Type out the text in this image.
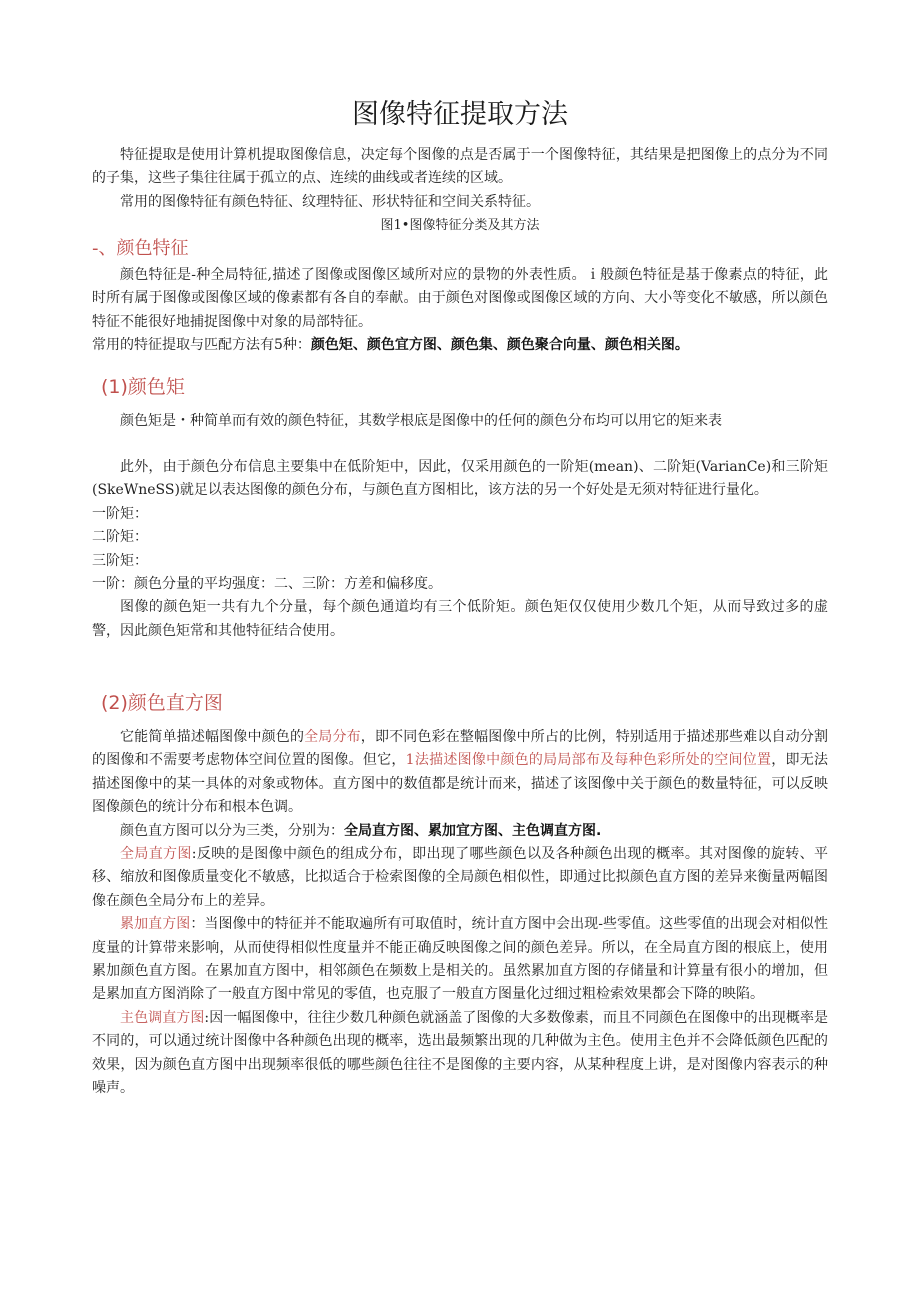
图像特征提取方法

特征提取是使用计算机提取图像信息，决定每个图像的点是否属于一个图像特征，其结果是把图像上的点分为不同的子集，这些子集往往属于孤立的点、连续的曲线或者连续的区域。

常用的图像特征有颜色特征、纹理特征、形状特征和空间关系特征。

图1•图像特征分类及其方法

-、颜色特征

颜色特征是-种全局特征,描述了图像或图像区域所对应的景物的外表性质。ｉ般颜色特征是基于像素点的特征，此时所有属于图像或图像区域的像素都有各自的奉献。由于颜色对图像或图像区域的方向、大小等变化不敏感，所以颜色特征不能很好地捕捉图像中对象的局部特征。

常用的特征提取与匹配方法有5种：颜色矩、颜色宜方图、颜色集、颜色聚合向量、颜色相关图。

(1)颜色矩

颜色矩是・种简单而有效的颜色特征，其数学根底是图像中的任何的颜色分布均可以用它的矩来表

此外，由于颜色分布信息主要集中在低阶矩中，因此，仅采用颜色的一阶矩(mean)、二阶矩(VarianCe)和三阶矩(SkeWneSS)就足以表达图像的颜色分布，与颜色直方图相比，该方法的另一个好处是无须对特征进行量化。

一阶矩：

二阶矩：

三阶矩：

一阶：颜色分量的平均强度：二、三阶：方差和偏移度。

图像的颜色矩一共有九个分量，每个颜色通道均有三个低阶矩。颜色矩仅仅使用少数几个矩，从而导致过多的虚警，因此颜色矩常和其他特征结合使用。

(2)颜色直方图

它能简单描述幅图像中颜色的全局分布，即不同色彩在整幅图像中所占的比例，特别适用于描述那些难以自动分割的图像和不需要考虑物体空间位置的图像。但它，1法描述图像中颜色的局局部布及每种色彩所处的空间位置，即无法描述图像中的某一具体的对象或物体。直方图中的数值都是统计而来，描述了该图像中关于颜色的数量特征，可以反映图像颜色的统计分布和根本色调。

颜色直方图可以分为三类，分别为：全局直方图、累加宜方图、主色调直方图.

全局直方图:反映的是图像中颜色的组成分布，即出现了哪些颜色以及各种颜色出现的概率。其对图像的旋转、平移、缩放和图像质量变化不敏感，比拟适合于检索图像的全局颜色相似性，即通过比拟颜色直方图的差异来衡量两幅图像在颜色全局分布上的差异。

累加直方图：当图像中的特征并不能取遍所有可取值时，统计直方图中会出现-些零值。这些零值的出现会对相似性度量的计算带来影响，从而使得相似性度量并不能正确反映图像之间的颜色差异。所以，在全局直方图的根底上，使用累加颜色直方图。在累加直方图中，相邻颜色在频数上是相关的。虽然累加直方图的存储量和计算量有很小的增加，但是累加直方图消除了一般直方图中常见的零值，也克服了一般直方图量化过细过粗检索效果都会下降的映陷。

主色调直方图:因一幅图像中，往往少数几种颜色就涵盖了图像的大多数像素，而且不同颜色在图像中的出现概率是不同的，可以通过统计图像中各种颜色出现的概率，选出最频繁出现的几种做为主色。使用主色并不会降低颜色匹配的效果，因为颜色直方图中出现频率很低的哪些颜色往往不是图像的主要内容，从某种程度上讲，是对图像内容表示的种噪声。
